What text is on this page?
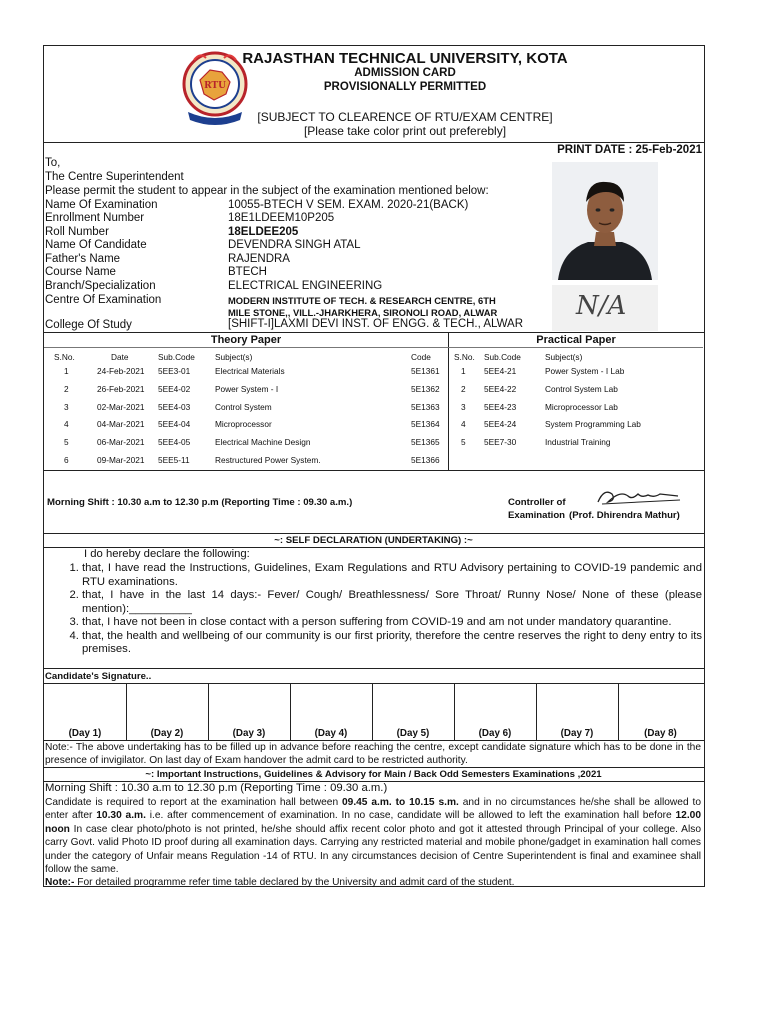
RTU
RAJASTHAN TECHNICAL UNIVERSITY, KOTA
ADMISSION CARD
PROVISIONALLY PERMITTED
[SUBJECT TO CLEARENCE OF RTU/EXAM CENTRE]
[Please take color print out preferebly]
PRINT DATE : 25-Feb-2021
To,
The Centre Superintendent
Please permit the student to appear in the subject of the examination mentioned below:
Name Of Examination	10055-BTECH V SEM. EXAM. 2020-21(BACK)
Enrollment Number	18E1LDEEM10P205
Roll Number	18ELDEE205
Name Of Candidate	DEVENDRA SINGH ATAL
Father's Name	RAJENDRA
Course Name	BTECH
Branch/Specialization	ELECTRICAL ENGINEERING
Centre Of Examination	MODERN INSTITUTE OF TECH. & RESEARCH CENTRE, 6TH
MILE STONE,, VILL.-JHARKHERA, SIRONOLI ROAD, ALWAR
College Of Study	[SHIFT-I]LAXMI DEVI INST. OF ENGG. & TECH., ALWAR
N/A
Theory Paper
S.No.	Date	Sub.Code Subject(s)	Code
1	24-Feb-2021 5EE3-01	Electrical Materials	5E1361
2	26-Feb-2021 5EE4-02	Power System - I	5E1362
3	02-Mar-2021 5EE4-03	Control System	5E1363
4	04-Mar-2021 5EE4-04	Microprocessor	5E1364
5	06-Mar-2021 5EE4-05	Electrical Machine Design	5E1365
6	09-Mar-2021 5EE5-11	Restructured Power System.	5E1366
Practical Paper
S.No. Sub.Code	Subject(s)
1 5EE4-21	Power System - I Lab
2 5EE4-22	Control System Lab
3 5EE4-23	Microprocessor Lab
4 5EE4-24	System Programming Lab
5 5EE7-30	Industrial Training
Morning Shift : 10.30 a.m to 12.30 p.m (Reporting Time : 09.30 a.m.)	Controller of
Examination (Prof. Dhirendra Mathur)
~: SELF DECLARATION (UNDERTAKING) :~
I do hereby declare the following:
1. that, I have read the Instructions, Guidelines, Exam Regulations and RTU Advisory pertaining to COVID-19 pandemic and RTU examinations.
2. that, I have in the last 14 days:- Fever/ Cough/ Breathlessness/ Sore Throat/ Runny Nose/ None of these (please mention):__________
3. that, I have not been in close contact with a person suffering from COVID-19 and am not under mandatory quarantine.
4. that, the health and wellbeing of our community is our first priority, therefore the centre reserves the right to deny entry to its premises.
Candidate's Signature..
(Day 1)	(Day 2)	(Day 3)	(Day 4)	(Day 5)	(Day 6)	(Day 7)	(Day 8)
Note:- The above undertaking has to be filled up in advance before reaching the centre, except candidate signature which has to be done in the presence of invigilator. On last day of Exam handover the admit card to be restricted authority.
~: Important Instructions, Guidelines & Advisory for Main / Back Odd Semesters Examinations ,2021
Morning Shift : 10.30 a.m to 12.30 p.m (Reporting Time : 09.30 a.m.)
Candidate is required to report at the examination hall between 09.45 a.m. to 10.15 s.m. and in no circumstances he/she shall be allowed to enter after 10.30 a.m. i.e. after commencement of examination. In no case, candidate will be allowed to left the examination hall before 12.00 noon In case clear photo/photo is not printed, he/she should affix recent color photo and got it attested through Principal of your college. Also carry Govt. valid Photo ID proof during all examination days. Carrying any restricted material and mobile phone/gadget in examination hall comes under the category of Unfair means Regulation -14 of RTU. In any circumstances decision of Centre Superintendent is final and examinee shall follow the same.
Note:- For detailed programme refer time table declared by the University and admit card of the student.
